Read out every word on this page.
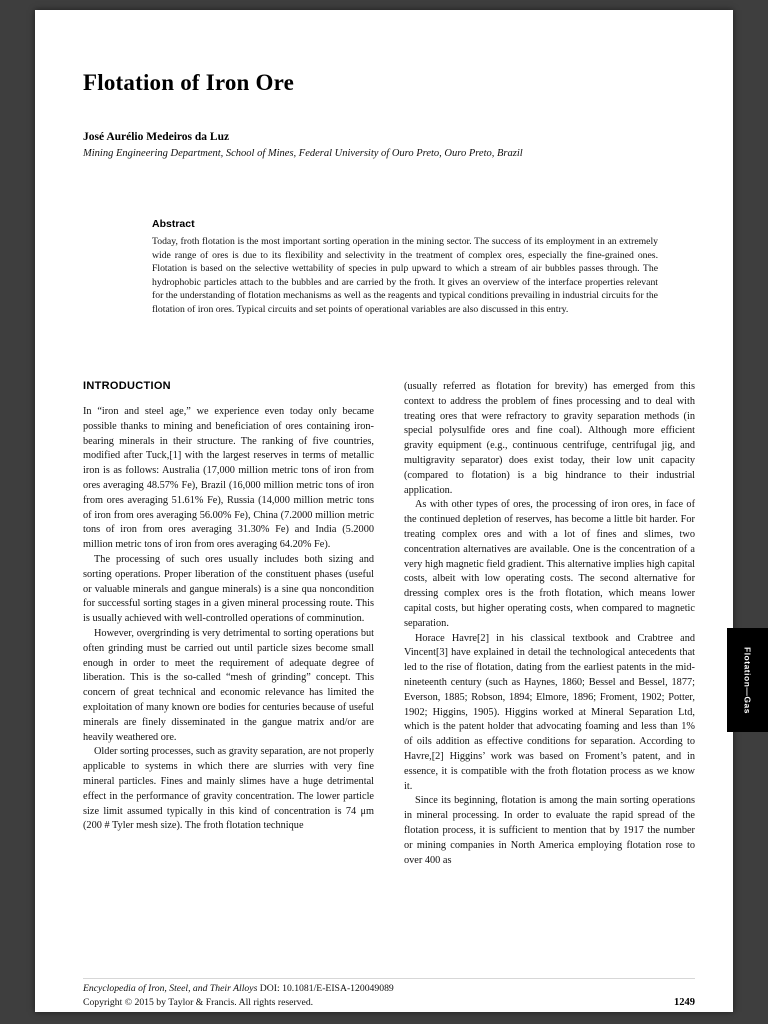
Flotation of Iron Ore
José Aurélio Medeiros da Luz
Mining Engineering Department, School of Mines, Federal University of Ouro Preto, Ouro Preto, Brazil
Abstract

Today, froth flotation is the most important sorting operation in the mining sector. The success of its employment in an extremely wide range of ores is due to its flexibility and selectivity in the treatment of complex ores, especially the fine-grained ones. Flotation is based on the selective wettability of species in pulp upward to which a stream of air bubbles passes through. The hydrophobic particles attach to the bubbles and are carried by the froth. It gives an overview of the interface properties relevant for the understanding of flotation mechanisms as well as the reagents and typical conditions prevailing in industrial circuits for the flotation of iron ores. Typical circuits and set points of operational variables are also discussed in this entry.

INTRODUCTION

In “iron and steel age,” we experience even today only became possible thanks to mining and beneficiation of ores containing iron-bearing minerals in their structure. The ranking of five countries, modified after Tuck,[1] with the largest reserves in terms of metallic iron is as follows: Australia (17,000 million metric tons of iron from ores averaging 48.57% Fe), Brazil (16,000 million metric tons of iron from ores averaging 51.61% Fe), Russia (14,000 million metric tons of iron from ores averaging 56.00% Fe), China (7.2000 million metric tons of iron from ores averaging 31.30% Fe) and India (5.2000 million metric tons of iron from ores averaging 64.20% Fe).

The processing of such ores usually includes both sizing and sorting operations. Proper liberation of the constituent phases (useful or valuable minerals and gangue minerals) is a sine qua noncondition for successful sorting stages in a given mineral processing route. This is usually achieved with well-controlled operations of comminution.

However, overgrinding is very detrimental to sorting operations but often grinding must be carried out until particle sizes become small enough in order to meet the requirement of adequate degree of liberation. This is the so-called “mesh of grinding” concept. This concern of great technical and economic relevance has limited the exploitation of many known ore bodies for centuries because of useful minerals are finely disseminated in the gangue matrix and/or are heavily weathered ore.

Older sorting processes, such as gravity separation, are not properly applicable to systems in which there are slurries with very fine mineral particles. Fines and mainly slimes have a huge detrimental effect in the performance of gravity concentration. The lower particle size limit assumed typically in this kind of concentration is 74 μm (200 # Tyler mesh size). The froth flotation technique

(usually referred as flotation for brevity) has emerged from this context to address the problem of fines processing and to deal with treating ores that were refractory to gravity separation methods (in special polysulfide ores and fine coal). Although more efficient gravity equipment (e.g., continuous centrifuge, centrifugal jig, and multigravity separator) does exist today, their low unit capacity (compared to flotation) is a big hindrance to their industrial application.

As with other types of ores, the processing of iron ores, in face of the continued depletion of reserves, has become a little bit harder. For treating complex ores and with a lot of fines and slimes, two concentration alternatives are available. One is the concentration of a very high magnetic field gradient. This alternative implies high capital costs, albeit with low operating costs. The second alternative for dressing complex ores is the froth flotation, which means lower capital costs, but higher operating costs, when compared to magnetic separation.

Horace Havre[2] in his classical textbook and Crabtree and Vincent[3] have explained in detail the technological antecedents that led to the rise of flotation, dating from the earliest patents in the mid-nineteenth century (such as Haynes, 1860; Bessel and Bessel, 1877; Everson, 1885; Robson, 1894; Elmore, 1896; Froment, 1902; Potter, 1902; Higgins, 1905). Higgins worked at Mineral Separation Ltd, which is the patent holder that advocating foaming and less than 1% of oils addition as effective conditions for separation. According to Havre,[2] Higgins’ work was based on Froment’s patent, and in essence, it is compatible with the froth flotation process as we know it.

Since its beginning, flotation is among the main sorting operations in mineral processing. In order to evaluate the rapid spread of the flotation process, it is sufficient to mention that by 1917 the number or mining companies in North America employing flotation rose to over 400 as

Encyclopedia of Iron, Steel, and Their Alloys DOI: 10.1081/E-EISA-120049089
Copyright © 2015 by Taylor & Francis. All rights reserved.	1249
Flotation—Gas
